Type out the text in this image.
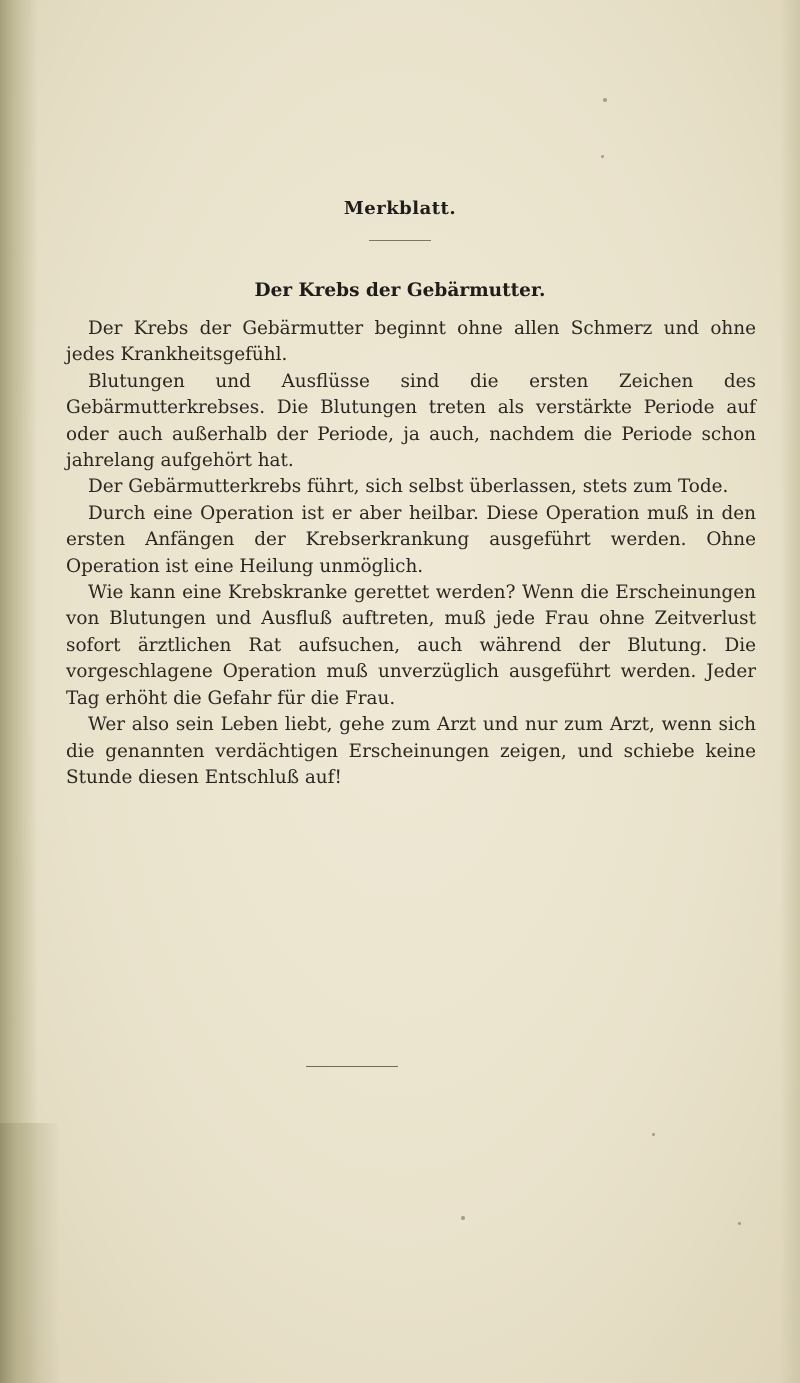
Merkblatt.
Der Krebs der Gebärmutter.

Der Krebs der Gebärmutter beginnt ohne allen Schmerz und ohne jedes Krankheitsgefühl.

Blutungen und Ausflüsse sind die ersten Zeichen des Gebärmutterkrebses. Die Blutungen treten als verstärkte Periode auf oder auch außerhalb der Periode, ja auch, nachdem die Periode schon jahrelang aufgehört hat.

Der Gebärmutterkrebs führt, sich selbst überlassen, stets zum Tode.

Durch eine Operation ist er aber heilbar. Diese Operation muß in den ersten Anfängen der Krebserkrankung ausgeführt werden. Ohne Operation ist eine Heilung unmöglich.

Wie kann eine Krebskranke gerettet werden? Wenn die Erscheinungen von Blutungen und Ausfluß auftreten, muß jede Frau ohne Zeitverlust sofort ärztlichen Rat aufsuchen, auch während der Blutung. Die vorgeschlagene Operation muß unverzüglich ausgeführt werden. Jeder Tag erhöht die Gefahr für die Frau.

Wer also sein Leben liebt, gehe zum Arzt und nur zum Arzt, wenn sich die genannten verdächtigen Erscheinungen zeigen, und schiebe keine Stunde diesen Entschluß auf!
